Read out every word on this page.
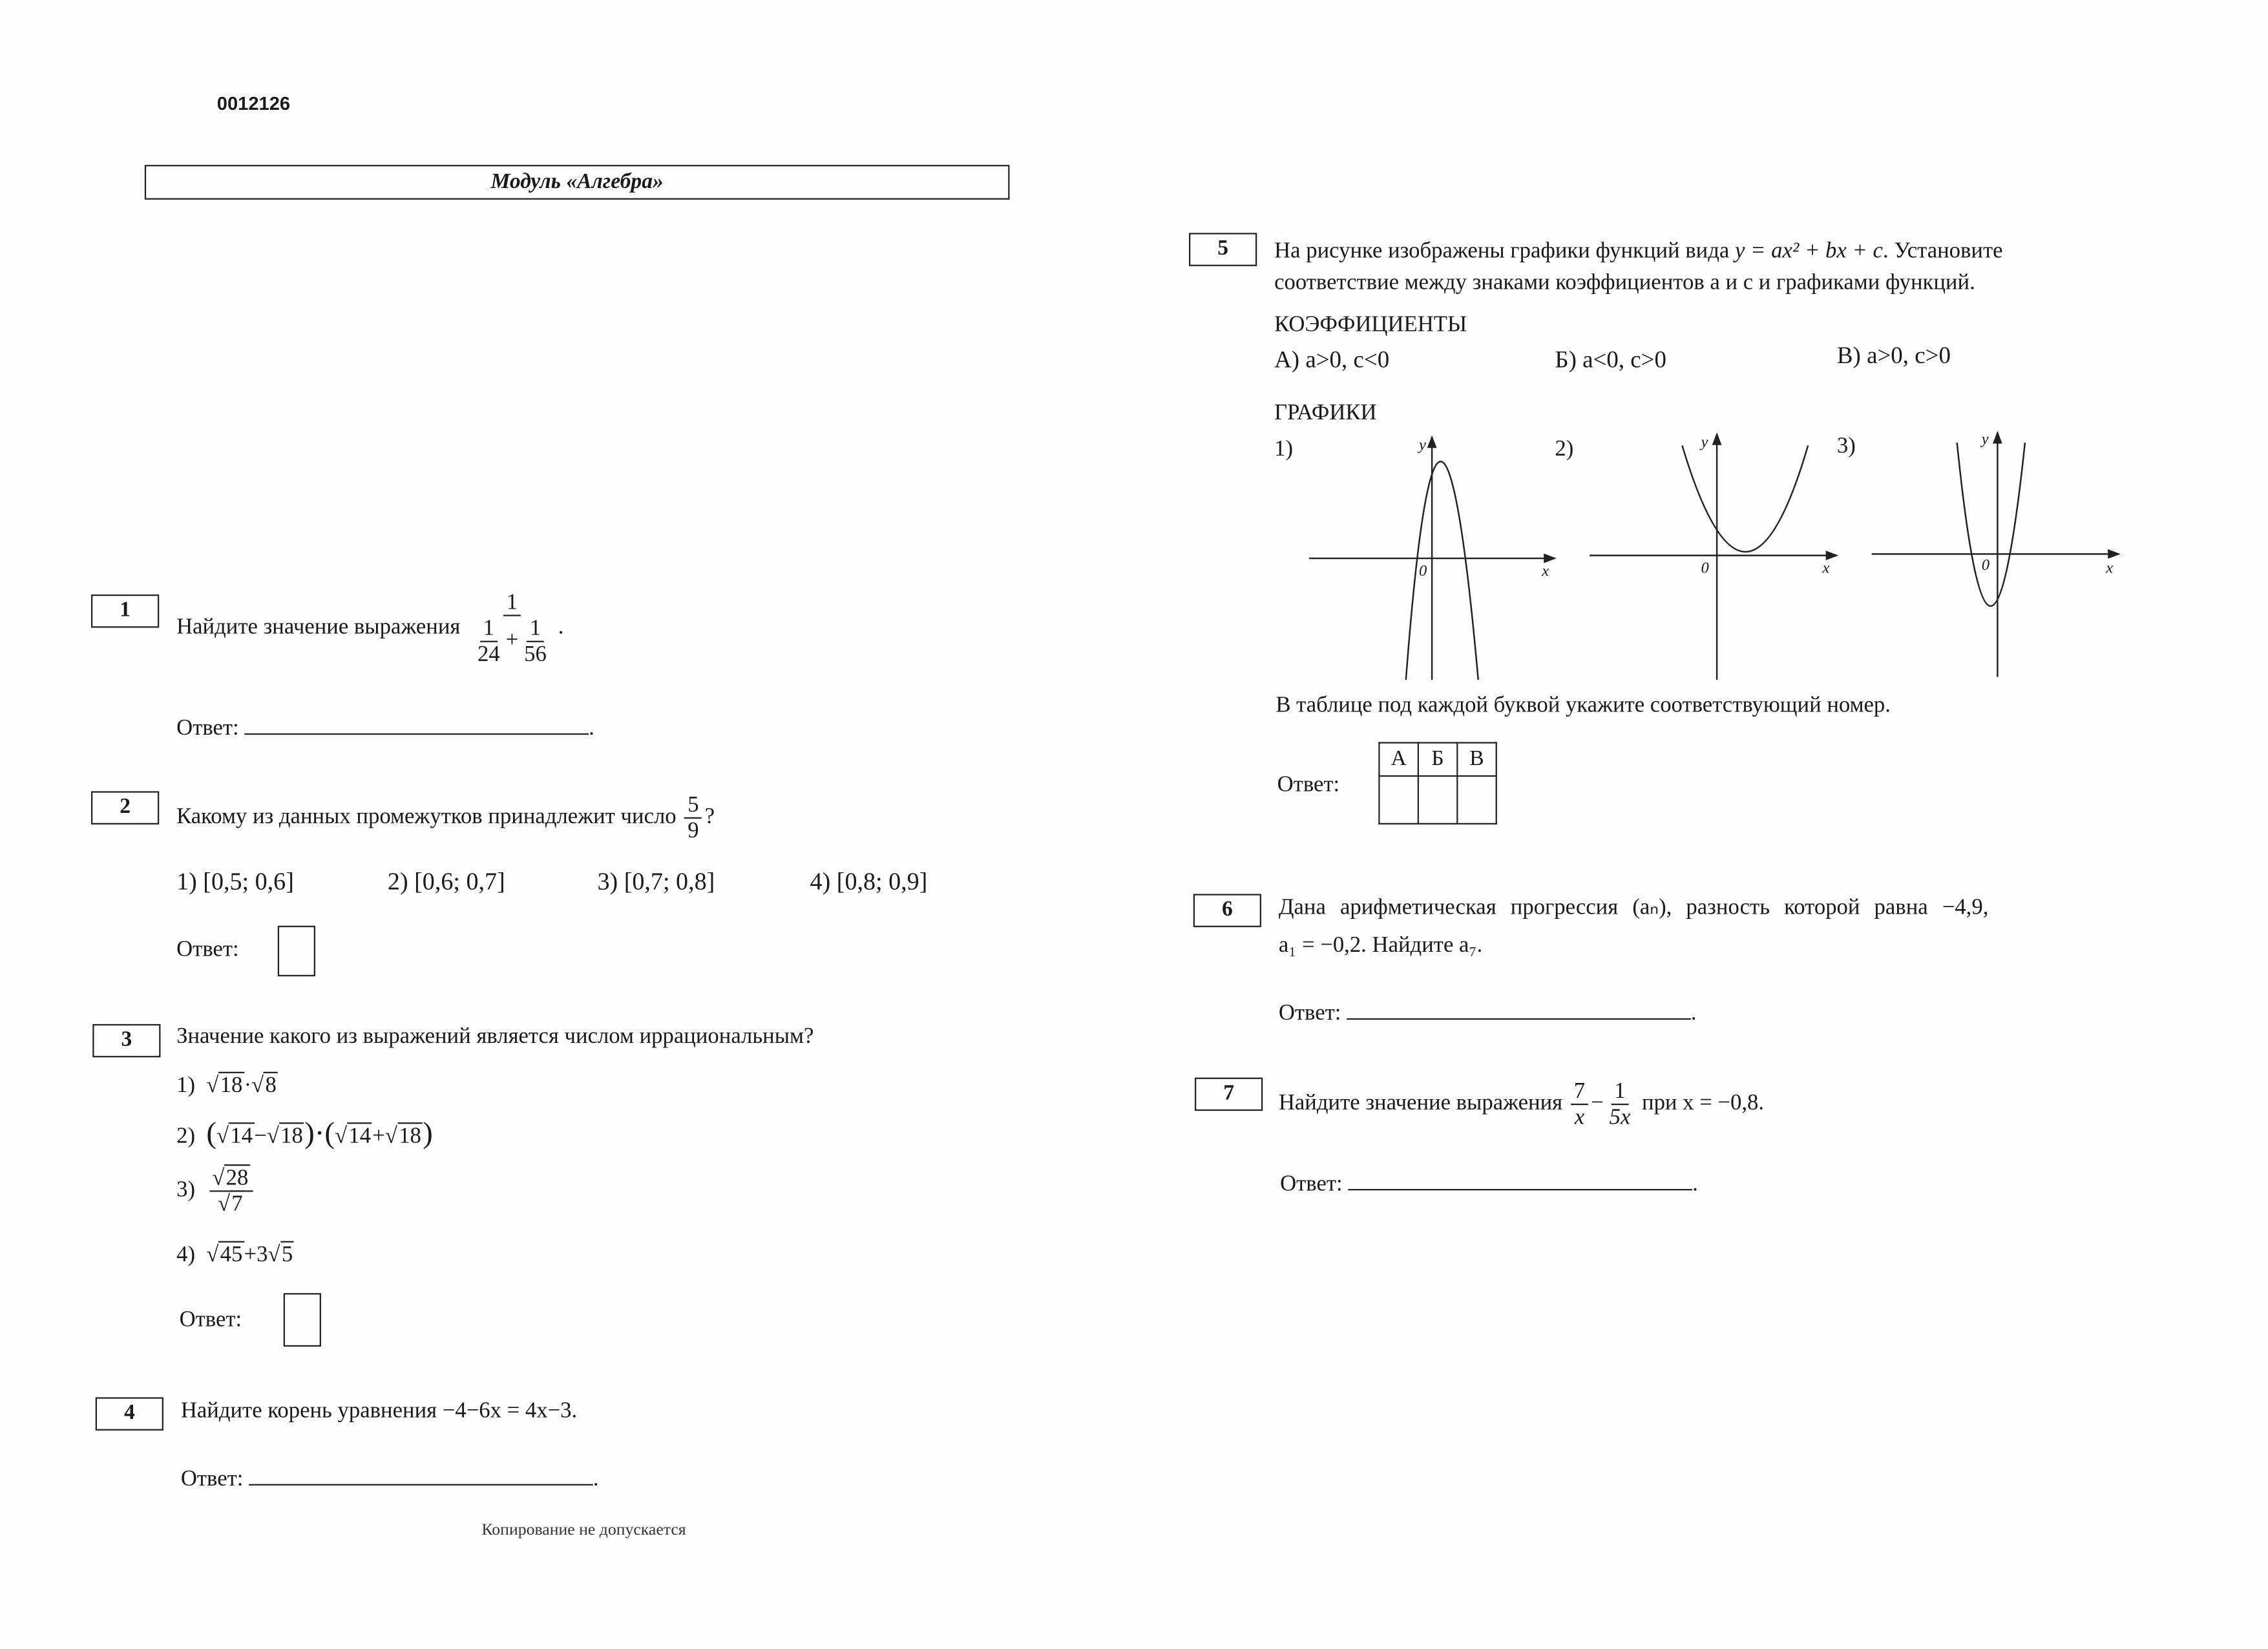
0012126
Модуль «Алгебра»
1
Найдите значение выражения $\frac{1}{\frac{1}{24} + \frac{1}{56}}$ .
Ответ:	.
2	Какому из данных промежутков принадлежит число $\frac{5}{9}$ ?
1) [0,5; 0,6]	2) [0,6; 0,7]	3) [0,7; 0,8]	4) [0,8; 0,9]
Ответ:
3	Значение какого из выражений является числом иррациональным?
1)  √ 18 ·√ 8
2) (√ 14 −√ 18 )·(√ 14 +√ 18 )
$3) \frac{√ 28}{√ 7}$
4)  √ 45 +3√ 5
Ответ:
4	Найдите корень уравнения −4−6x = 4x−3.
Ответ:	.
Копирование не допускается
5	На рисунке изображены графики функций вида y = ax² + bx + c. Установите
соответствие между знаками коэффициентов a и c и графиками функций.
КОЭФФИЦИЕНТЫ
А) a>0, c<0	Б) a<0, c>0	В) a>0, c>0
ГРАФИКИ
1)	2)	3)
y
0	x
y
0	x
y
0	x
В таблице под каждой буквой укажите соответствующий номер.
Ответ:
А	Б	В

6	Дана арифметическая прогрессия (aₙ), разность которой равна −4,9,
a₁ = −0,2. Найдите a₇.
Ответ:	.
7	Найдите значение выражения $\frac{7}{x} - \frac{1}{5x}$ при x = −0,8.
Ответ:	.
